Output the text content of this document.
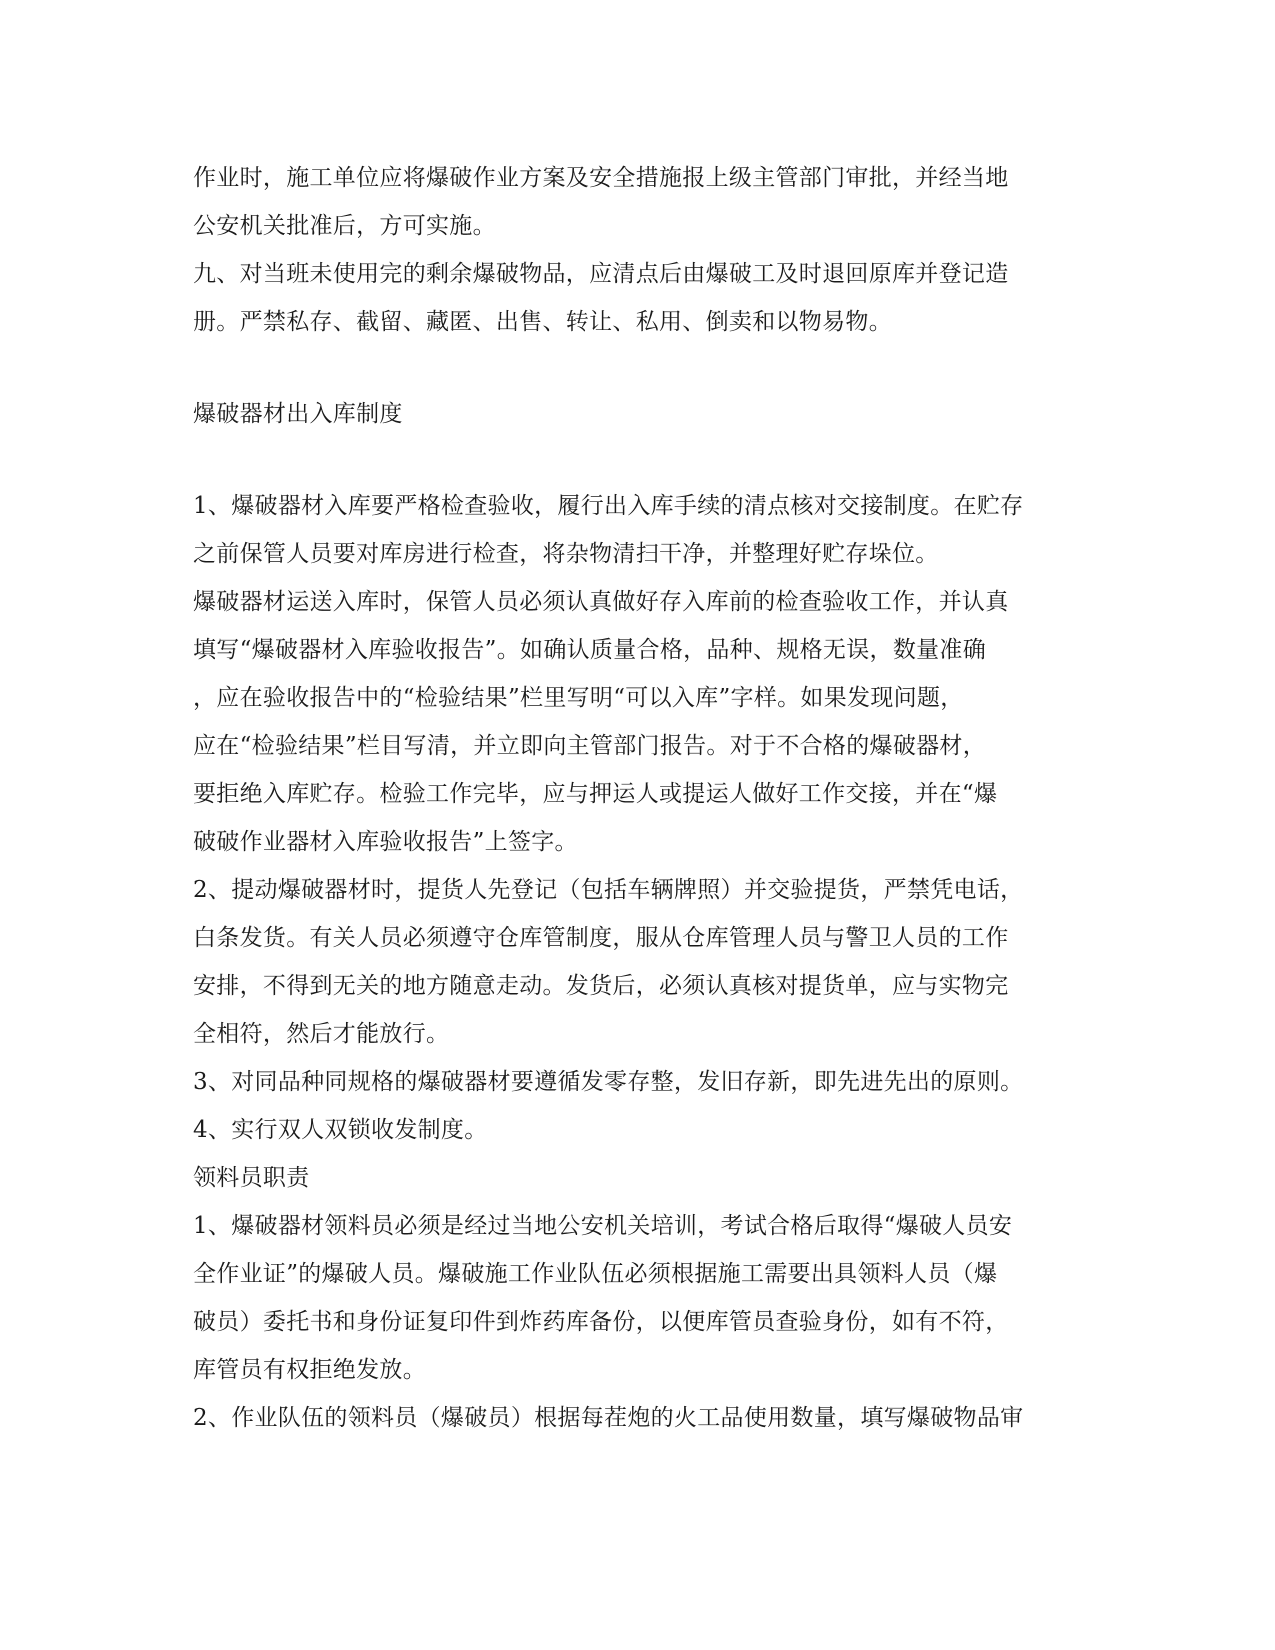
作业时，施工单位应将爆破作业方案及安全措施报上级主管部门审批，并经当地
公安机关批准后，方可实施。
九、对当班未使用完的剩余爆破物品，应清点后由爆破工及时退回原库并登记造
册。严禁私存、截留、藏匿、出售、转让、私用、倒卖和以物易物。
爆破器材出入库制度
1、爆破器材入库要严格检查验收，履行出入库手续的清点核对交接制度。在贮存
之前保管人员要对库房进行检查，将杂物清扫干净，并整理好贮存垛位。
爆破器材运送入库时，保管人员必须认真做好存入库前的检查验收工作，并认真
填写“爆破器材入库验收报告”。如确认质量合格，品种、规格无误，数量准确
，应在验收报告中的“检验结果”栏里写明“可以入库”字样。如果发现问题，
应在“检验结果”栏目写清，并立即向主管部门报告。对于不合格的爆破器材，
要拒绝入库贮存。检验工作完毕，应与押运人或提运人做好工作交接，并在“爆
破破作业器材入库验收报告”上签字。
2、提动爆破器材时，提货人先登记（包括车辆牌照）并交验提货，严禁凭电话，
白条发货。有关人员必须遵守仓库管制度，服从仓库管理人员与警卫人员的工作
安排，不得到无关的地方随意走动。发货后，必须认真核对提货单，应与实物完
全相符，然后才能放行。
3、对同品种同规格的爆破器材要遵循发零存整，发旧存新，即先进先出的原则。
4、实行双人双锁收发制度。
领料员职责
1、爆破器材领料员必须是经过当地公安机关培训，考试合格后取得“爆破人员安
全作业证”的爆破人员。爆破施工作业队伍必须根据施工需要出具领料人员（爆
破员）委托书和身份证复印件到炸药库备份，以便库管员查验身份，如有不符，
库管员有权拒绝发放。
2、作业队伍的领料员（爆破员）根据每茬炮的火工品使用数量，填写爆破物品审
